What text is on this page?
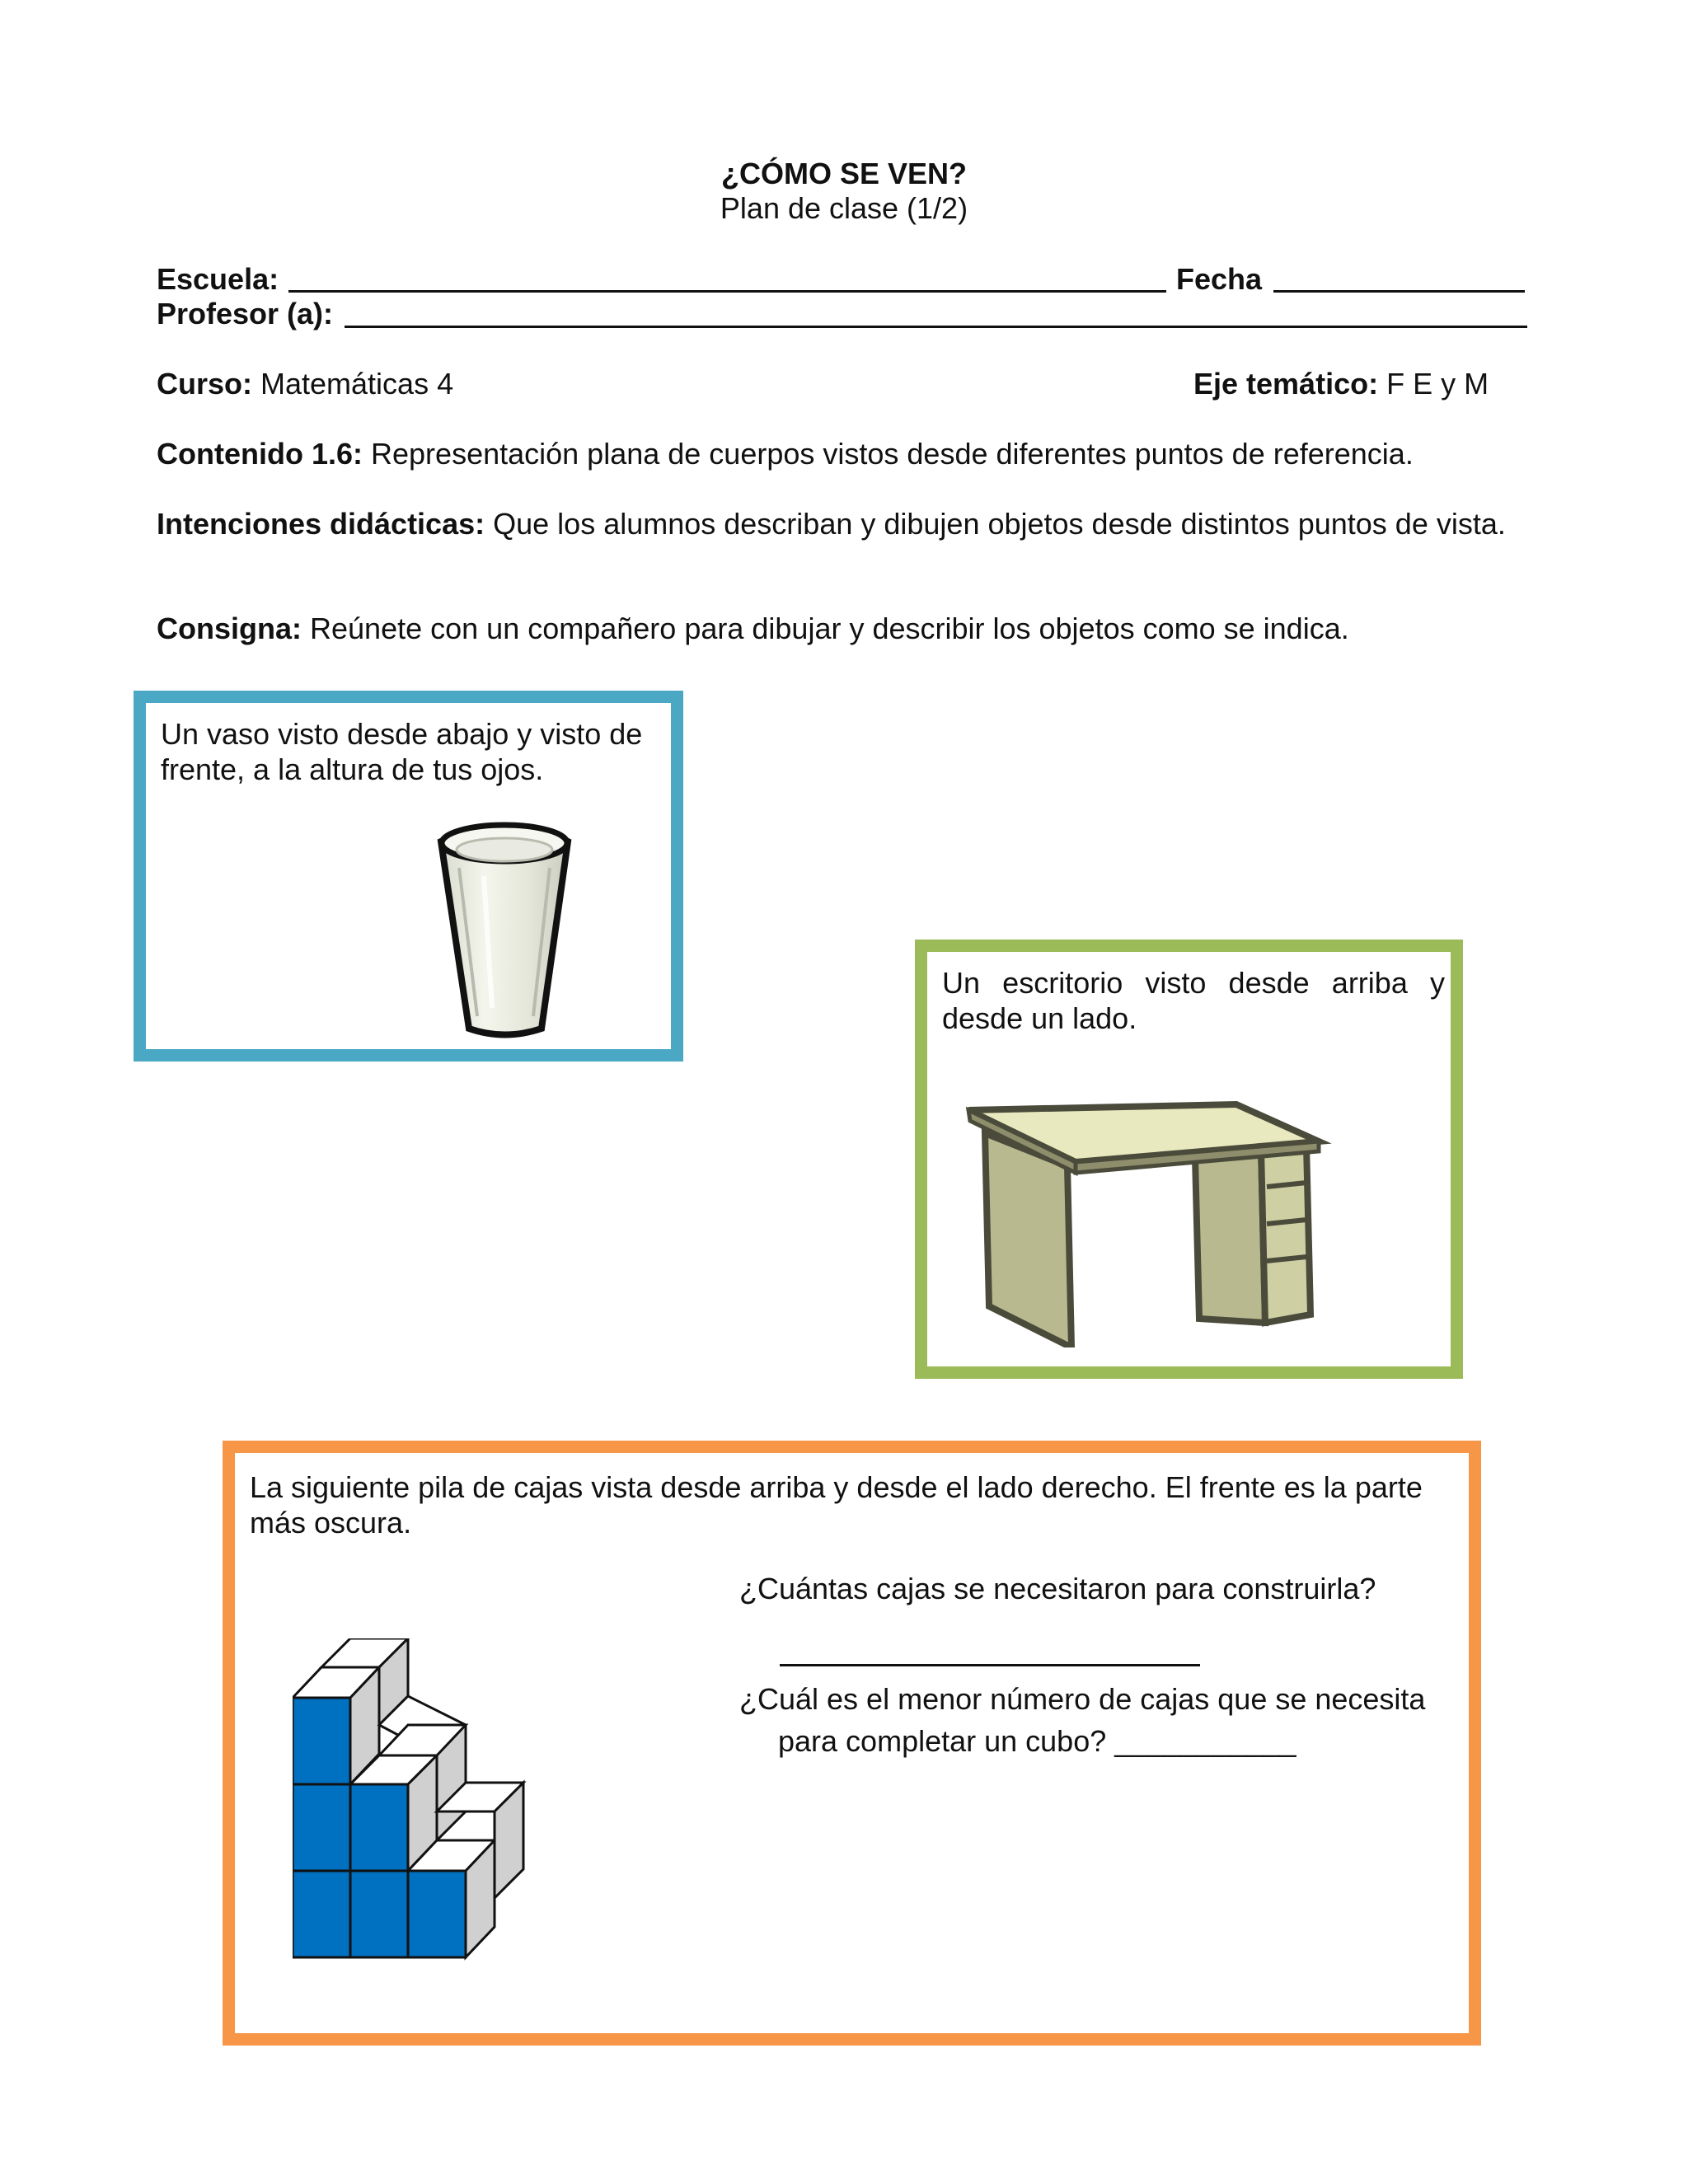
¿CÓMO SE VEN?
Plan de clase (1/2)
Escuela:	Fecha
Profesor (a):
Curso: Matemáticas 4	Eje temático: F E y M
Contenido 1.6: Representación plana de cuerpos vistos desde diferentes puntos de referencia.
Intenciones didácticas: Que los alumnos describan y dibujen objetos desde distintos puntos de vista.
Consigna: Reúnete con un compañero para dibujar y describir los objetos como se indica.
Un vaso visto desde abajo y visto de frente, a la altura de tus ojos.
Un escritorio visto desde arriba y desde un lado.
La siguiente pila de cajas vista desde arriba y desde el lado derecho. El frente es la parte más oscura.
¿Cuántas cajas se necesitaron para construirla?
¿Cuál es el menor número de cajas que se necesita
para completar un cubo? ___________
